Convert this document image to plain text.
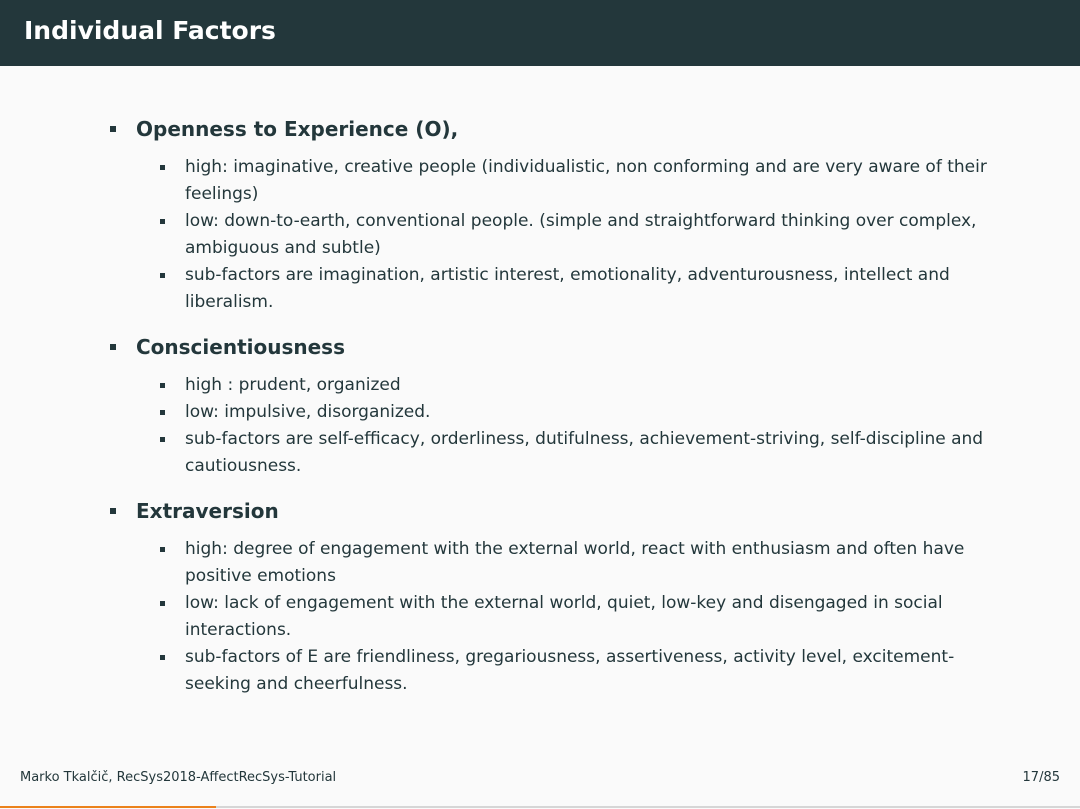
Individual Factors
Openness to Experience (O),
high: imaginative, creative people (individualistic, non conforming and are very aware of their feelings)
low: down-to-earth, conventional people. (simple and straightforward thinking over complex, ambiguous and subtle)
sub-factors are imagination, artistic interest, emotionality, adventurousness, intellect and liberalism.
Conscientiousness
high : prudent, organized
low: impulsive, disorganized.
sub-factors are self-efficacy, orderliness, dutifulness, achievement-striving, self-discipline and cautiousness.
Extraversion
high: degree of engagement with the external world, react with enthusiasm and often have positive emotions
low: lack of engagement with the external world, quiet, low-key and disengaged in social interactions.
sub-factors of E are friendliness, gregariousness, assertiveness, activity level, excitement-seeking and cheerfulness.
Marko Tkalčič, RecSys2018-AffectRecSys-Tutorial	17/85
